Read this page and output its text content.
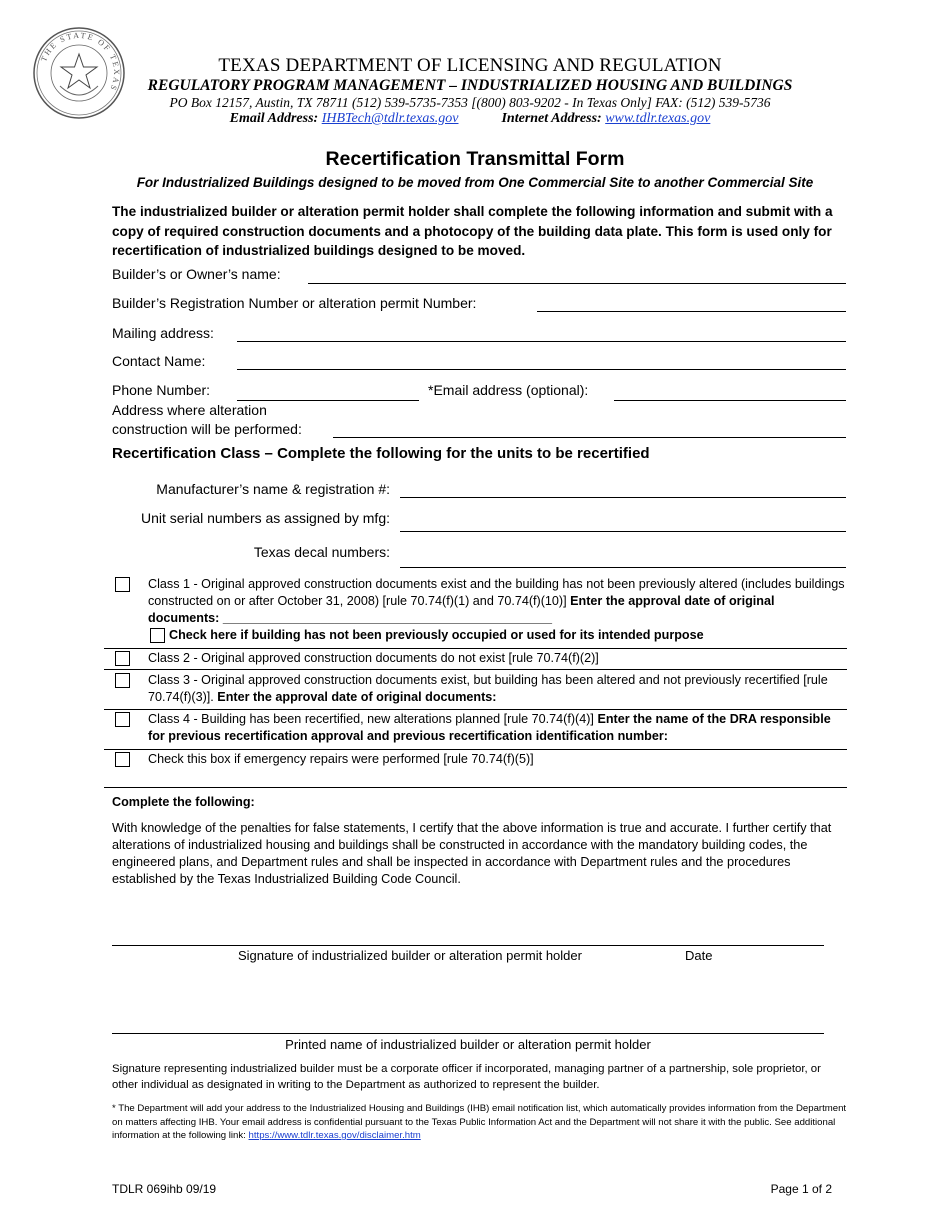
THE STATE OF TEXAS
TEXAS DEPARTMENT OF LICENSING AND REGULATION
REGULATORY PROGRAM MANAGEMENT – INDUSTRIALIZED HOUSING AND BUILDINGS
PO Box 12157, Austin, TX 78711 (512) 539-5735-7353 [(800) 803-9202 - In Texas Only] FAX: (512) 539-5736
Email Address: IHBTech@tdlr.texas.gov	Internet Address: www.tdlr.texas.gov
Recertification Transmittal Form
For Industrialized Buildings designed to be moved from One Commercial Site to another Commercial Site
The industrialized builder or alteration permit holder shall complete the following information and submit with a copy of required construction documents and a photocopy of the building data plate. This form is used only for recertification of industrialized buildings designed to be moved.
Builder’s or Owner’s name:
Builder’s Registration Number or alteration permit Number:
Mailing address:
Contact Name:
Phone Number:	*Email address (optional):
Address where alteration
construction will be performed:
Recertification Class – Complete the following for the units to be recertified
Manufacturer’s name & registration #:
Unit serial numbers as assigned by mfg:
Texas decal numbers:
Class 1 - Original approved construction documents exist and the building has not been previously altered (includes buildings constructed on or after October 31, 2008) [rule 70.74(f)(1) and 70.74(f)(10)] Enter the approval date of original documents: _______________________________________________
Check here if building has not been previously occupied or used for its intended purpose
Class 2 - Original approved construction documents do not exist [rule 70.74(f)(2)]
Class 3 - Original approved construction documents exist, but building has been altered and not previously recertified [rule 70.74(f)(3)]. Enter the approval date of original documents:
Class 4 - Building has been recertified, new alterations planned [rule 70.74(f)(4)] Enter the name of the DRA responsible for previous recertification approval and previous recertification identification number:
Check this box if emergency repairs were performed [rule 70.74(f)(5)]
Complete the following:
With knowledge of the penalties for false statements, I certify that the above information is true and accurate. I further certify that alterations of industrialized housing and buildings shall be constructed in accordance with the mandatory building codes, the engineered plans, and Department rules and shall be inspected in accordance with Department rules and the procedures established by the Texas Industrialized Building Code Council.
Signature of industrialized builder or alteration permit holder	Date
Printed name of industrialized builder or alteration permit holder
Signature representing industrialized builder must be a corporate officer if incorporated, managing partner of a partnership, sole proprietor, or other individual as designated in writing to the Department as authorized to represent the builder.
* The Department will add your address to the Industrialized Housing and Buildings (IHB) email notification list, which automatically provides information from the Department on matters affecting IHB. Your email address is confidential pursuant to the Texas Public Information Act and the Department will not share it with the public. See additional information at the following link: https://www.tdlr.texas.gov/disclaimer.htm
TDLR 069ihb 09/19	Page 1 of 2
